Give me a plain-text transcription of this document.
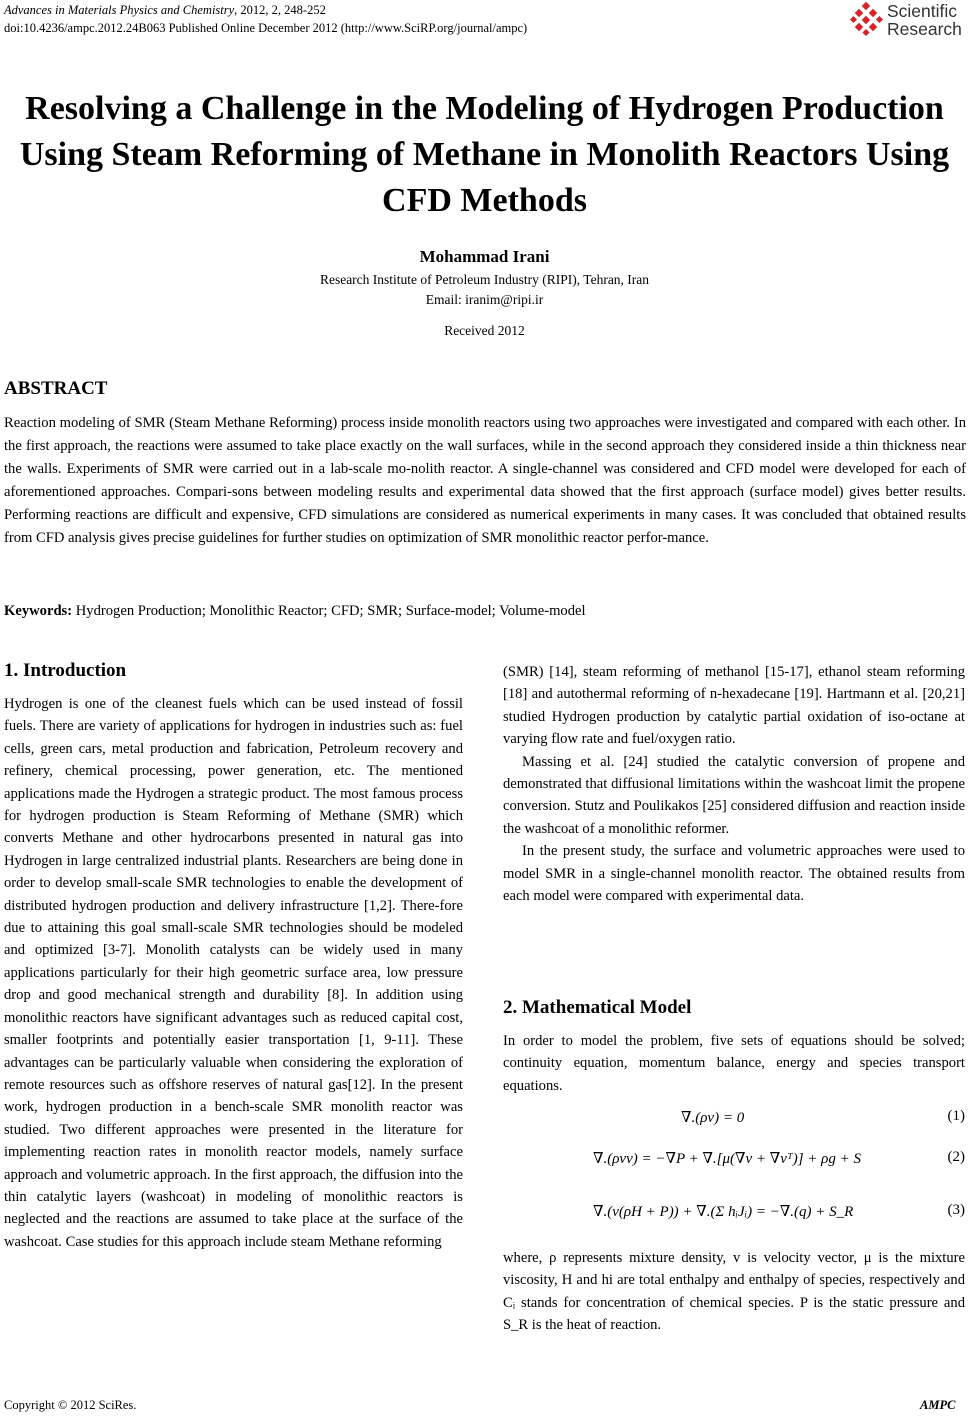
Advances in Materials Physics and Chemistry, 2012, 2, 248-252
doi:10.4236/ampc.2012.24B063 Published Online December 2012 (http://www.SciRP.org/journal/ampc)
Scientific
Research
Resolving a Challenge in the Modeling of Hydrogen Production Using Steam Reforming of Methane in Monolith Reactors Using CFD Methods
Mohammad Irani
Research Institute of Petroleum Industry (RIPI), Tehran, Iran
Email: iranim@ripi.ir
Received 2012
ABSTRACT
Reaction modeling of SMR (Steam Methane Reforming) process inside monolith reactors using two approaches were investigated and compared with each other. In the first approach, the reactions were assumed to take place exactly on the wall surfaces, while in the second approach they considered inside a thin thickness near the walls. Experiments of SMR were carried out in a lab-scale mo-nolith reactor. A single-channel was considered and CFD model were developed for each of aforementioned approaches. Compari-sons between modeling results and experimental data showed that the first approach (surface model) gives better results. Performing reactions are difficult and expensive, CFD simulations are considered as numerical experiments in many cases. It was concluded that obtained results from CFD analysis gives precise guidelines for further studies on optimization of SMR monolithic reactor perfor-mance.
Keywords: Hydrogen Production; Monolithic Reactor; CFD; SMR; Surface-model; Volume-model
1. Introduction

Hydrogen is one of the cleanest fuels which can be used instead of fossil fuels. There are variety of applications for hydrogen in industries such as: fuel cells, green cars, metal production and fabrication, Petroleum recovery and refinery, chemical processing, power generation, etc. The mentioned applications made the Hydrogen a strategic product. The most famous process for hydrogen production is Steam Reforming of Methane (SMR) which converts Methane and other hydrocarbons presented in natural gas into Hydrogen in large centralized industrial plants. Researchers are being done in order to develop small-scale SMR technologies to enable the development of distributed hydrogen production and delivery infrastructure [1,2]. There-fore due to attaining this goal small-scale SMR technologies should be modeled and optimized [3-7]. Monolith catalysts can be widely used in many applications particularly for their high geometric surface area, low pressure drop and good mechanical strength and durability [8]. In addition using monolithic reactors have significant advantages such as reduced capital cost, smaller footprints and potentially easier transportation [1, 9-11]. These advantages can be particularly valuable when considering the exploration of remote resources such as offshore reserves of natural gas[12]. In the present work, hydrogen production in a bench-scale SMR monolith reactor was studied. Two different approaches were presented in the literature for implementing reaction rates in monolith reactor models, namely surface approach and volumetric approach. In the first approach, the diffusion into the thin catalytic layers (washcoat) in modeling of monolithic reactors is neglected and the reactions are assumed to take place at the surface of the washcoat. Case studies for this approach include steam Methane reforming

(SMR) [14], steam reforming of methanol [15-17], ethanol steam reforming [18] and autothermal reforming of n-hexadecane [19]. Hartmann et al. [20,21] studied Hydrogen production by catalytic partial oxidation of iso-octane at varying flow rate and fuel/oxygen ratio.

Massing et al. [24] studied the catalytic conversion of propene and demonstrated that diffusional limitations within the washcoat limit the propene conversion. Stutz and Poulikakos [25] considered diffusion and reaction inside the washcoat of a monolithic reformer.

In the present study, the surface and volumetric approaches were used to model SMR in a single-channel monolith reactor. The obtained results from each model were compared with experimental data.

2. Mathematical Model

In order to model the problem, five sets of equations should be solved; continuity equation, momentum balance, energy and species transport equations.

∇.(ρv) = 0	(1)
∇.(ρvv) = −∇P + ∇.[μ(∇v + ∇vᵀ)] + ρg + S	(2)
∇.(v(ρH + P)) + ∇.(Σ hᵢJᵢ) = −∇.(q) + S_R	(3)

where, ρ represents mixture density, v is velocity vector, μ is the mixture viscosity, H and hi are total enthalpy and enthalpy of species, respectively and Cᵢ stands for concentration of chemical species. P is the static pressure and S_R is the heat of reaction.

Copyright © 2012 SciRes.	AMPC
